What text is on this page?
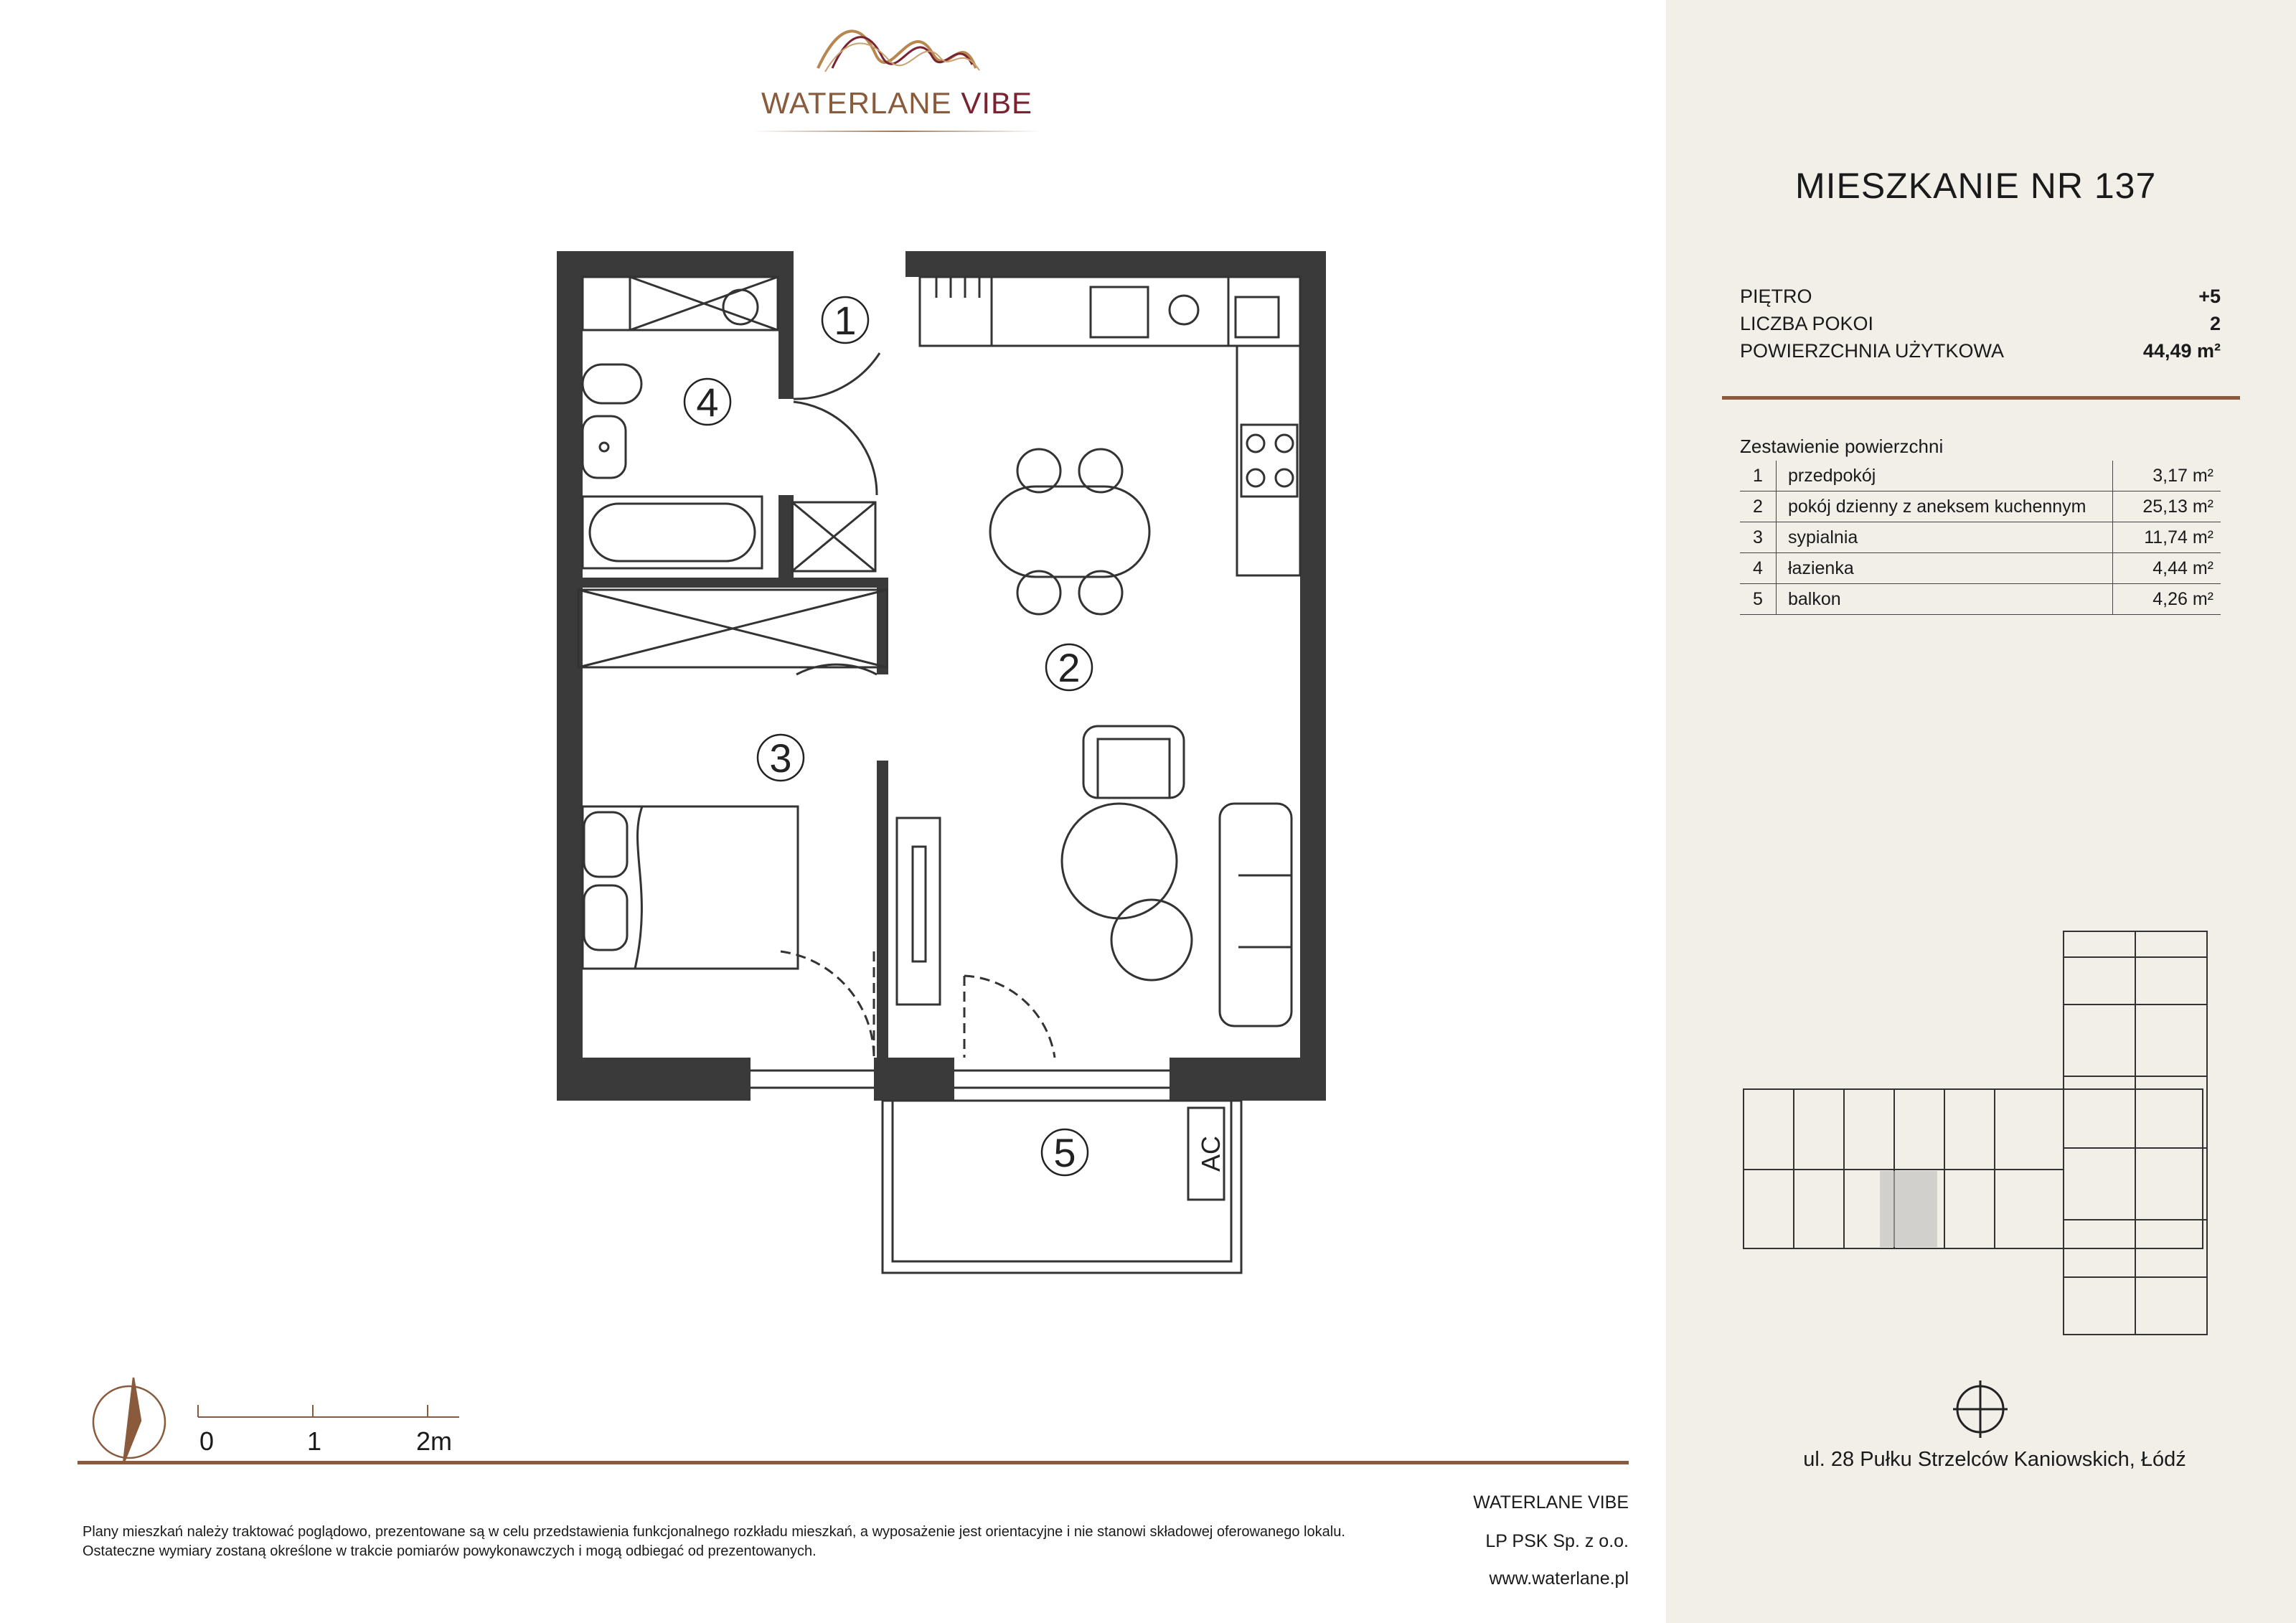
WATERLANE VIBE
1
2
3
4
5	AC
0	1	2m
MIESZKANIE NR 137
PIĘTRO	+5
LICZBA POKOI	2
POWIERZCHNIA UŻYTKOWA	44,49 m²
Zestawienie powierzchni
1	przedpokój	3,17 m²
2	pokój dzienny z aneksem kuchennym	25,13 m²
3	sypialnia	11,74 m²
4	łazienka	4,44 m²
5	balkon	4,26 m²
ul. 28 Pułku Strzelców Kaniowskich, Łódź
Plany mieszkań należy traktować poglądowo, prezentowane są w celu przedstawienia funkcjonalnego rozkładu mieszkań, a wyposażenie jest orientacyjne i nie stanowi składowej oferowanego lokalu.
Ostateczne wymiary zostaną określone w trakcie pomiarów powykonawczych i mogą odbiegać od prezentowanych.
WATERLANE VIBE
LP PSK Sp. z o.o.
www.waterlane.pl
